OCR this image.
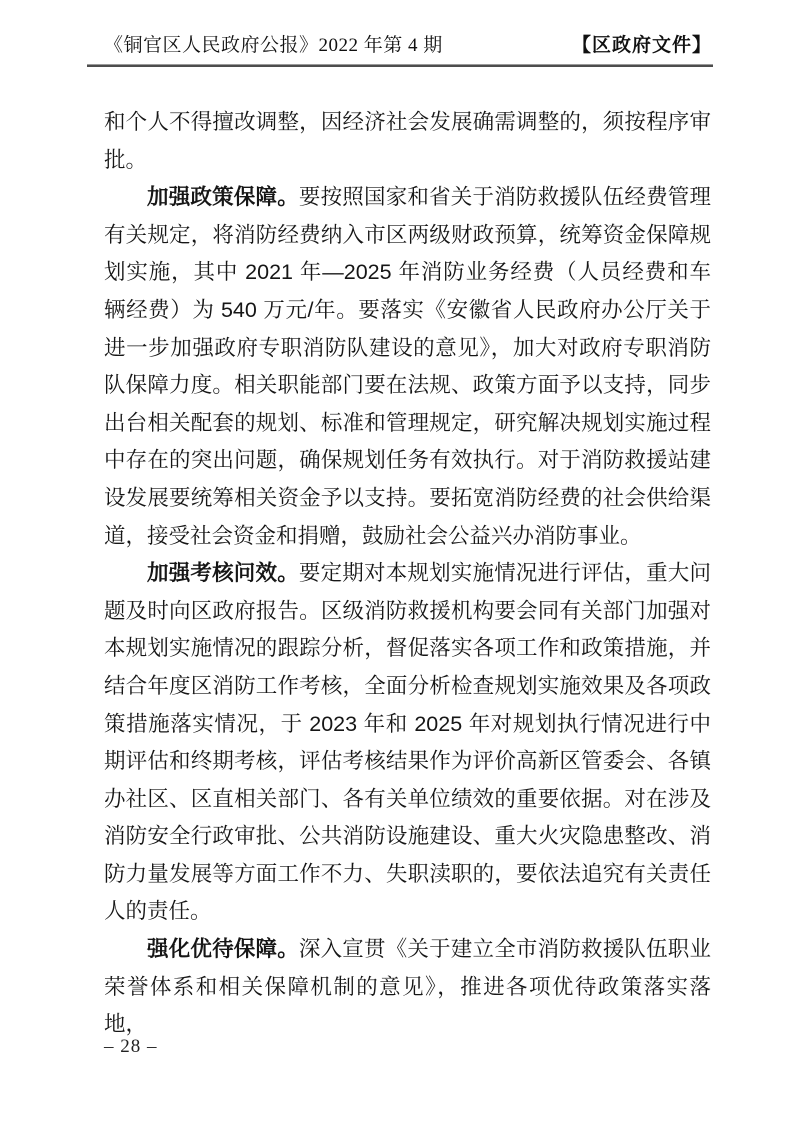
《铜官区人民政府公报》2022 年第 4 期	【区政府文件】

和个人不得擅改调整，因经济社会发展确需调整的，须按程序审批。

加强政策保障。要按照国家和省关于消防救援队伍经费管理有关规定，将消防经费纳入市区两级财政预算，统筹资金保障规划实施，其中 2021 年—2025 年消防业务经费（人员经费和车辆经费）为 540 万元/年。要落实《安徽省人民政府办公厅关于进一步加强政府专职消防队建设的意见》，加大对政府专职消防队保障力度。相关职能部门要在法规、政策方面予以支持，同步出台相关配套的规划、标准和管理规定，研究解决规划实施过程中存在的突出问题，确保规划任务有效执行。对于消防救援站建设发展要统筹相关资金予以支持。要拓宽消防经费的社会供给渠道，接受社会资金和捐赠，鼓励社会公益兴办消防事业。

加强考核问效。要定期对本规划实施情况进行评估，重大问题及时向区政府报告。区级消防救援机构要会同有关部门加强对本规划实施情况的跟踪分析，督促落实各项工作和政策措施，并结合年度区消防工作考核，全面分析检查规划实施效果及各项政策措施落实情况，于 2023 年和 2025 年对规划执行情况进行中期评估和终期考核，评估考核结果作为评价高新区管委会、各镇办社区、区直相关部门、各有关单位绩效的重要依据。对在涉及消防安全行政审批、公共消防设施建设、重大火灾隐患整改、消防力量发展等方面工作不力、失职渎职的，要依法追究有关责任人的责任。

强化优待保障。深入宣贯《关于建立全市消防救援队伍职业荣誉体系和相关保障机制的意见》，推进各项优待政策落实落地，

– 28 –
